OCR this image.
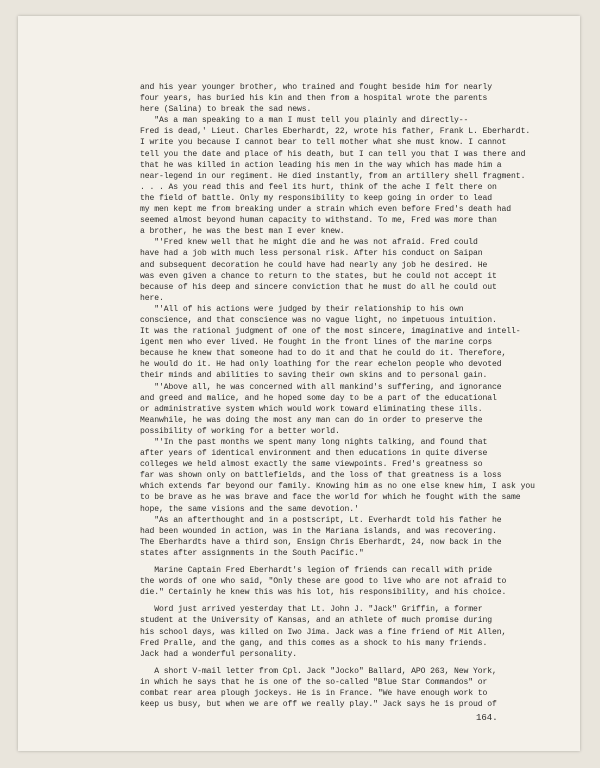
and his year younger brother, who trained and fought beside him for nearly
four years, has buried his kin and then from a hospital wrote the parents
here (Salina) to break the sad news.
"As a man speaking to a man I must tell you plainly and directly--
Fred is dead,' Lieut. Charles Eberhardt, 22, wrote his father, Frank L. Eberhardt.
I write you because I cannot bear to tell mother what she must know. I cannot
tell you the date and place of his death, but I can tell you that I was there and
that he was killed in action leading his men in the way which has made him a
near-legend in our regiment. He died instantly, from an artillery shell fragment.
. . . As you read this and feel its hurt, think of the ache I felt there on
the field of battle. Only my responsibility to keep going in order to lead
my men kept me from breaking under a strain which even before Fred's death had
seemed almost beyond human capacity to withstand. To me, Fred was more than
a brother, he was the best man I ever knew.
"'Fred knew well that he might die and he was not afraid. Fred could
have had a job with much less personal risk. After his conduct on Saipan
and subsequent decoration he could have had nearly any job he desired. He
was even given a chance to return to the states, but he could not accept it
because of his deep and sincere conviction that he must do all he could out
here.
"'All of his actions were judged by their relationship to his own
conscience, and that conscience was no vague light, no impetuous intuition.
It was the rational judgment of one of the most sincere, imaginative and intell-
igent men who ever lived. He fought in the front lines of the marine corps
because he knew that someone had to do it and that he could do it. Therefore,
he would do it. He had only loathing for the rear echelon people who devoted
their minds and abilities to saving their own skins and to personal gain.
"'Above all, he was concerned with all mankind's suffering, and ignorance
and greed and malice, and he hoped some day to be a part of the educational
or administrative system which would work toward eliminating these ills.
Meanwhile, he was doing the most any man can do in order to preserve the
possibility of working for a better world.
"'In the past months we spent many long nights talking, and found that
after years of identical environment and then educations in quite diverse
colleges we held almost exactly the same viewpoints. Fred's greatness so
far was shown only on battlefields, and the loss of that greatness is a loss
which extends far beyond our family. Knowing him as no one else knew him, I ask you
to be brave as he was brave and face the world for which he fought with the same
hope, the same visions and the same devotion.'
"As an afterthought and in a postscript, Lt. Everhardt told his father he
had been wounded in action, was in the Mariana islands, and was recovering.
The Eberhardts have a third son, Ensign Chris Eberhardt, 24, now back in the
states after assignments in the South Pacific."
Marine Captain Fred Eberhardt's legion of friends can recall with pride
the words of one who said, "Only these are good to live who are not afraid to
die." Certainly he knew this was his lot, his responsibility, and his choice.
Word just arrived yesterday that Lt. John J. "Jack" Griffin, a former
student at the University of Kansas, and an athlete of much promise during
his school days, was killed on Iwo Jima. Jack was a fine friend of Mit Allen,
Fred Pralle, and the gang, and this comes as a shock to his many friends.
Jack had a wonderful personality.
A short V-mail letter from Cpl. Jack "Jocko" Ballard, APO 263, New York,
in which he says that he is one of the so-called "Blue Star Commandos" or
combat rear area plough jockeys. He is in France. "We have enough work to
keep us busy, but when we are off we really play." Jack says he is proud of
164.
